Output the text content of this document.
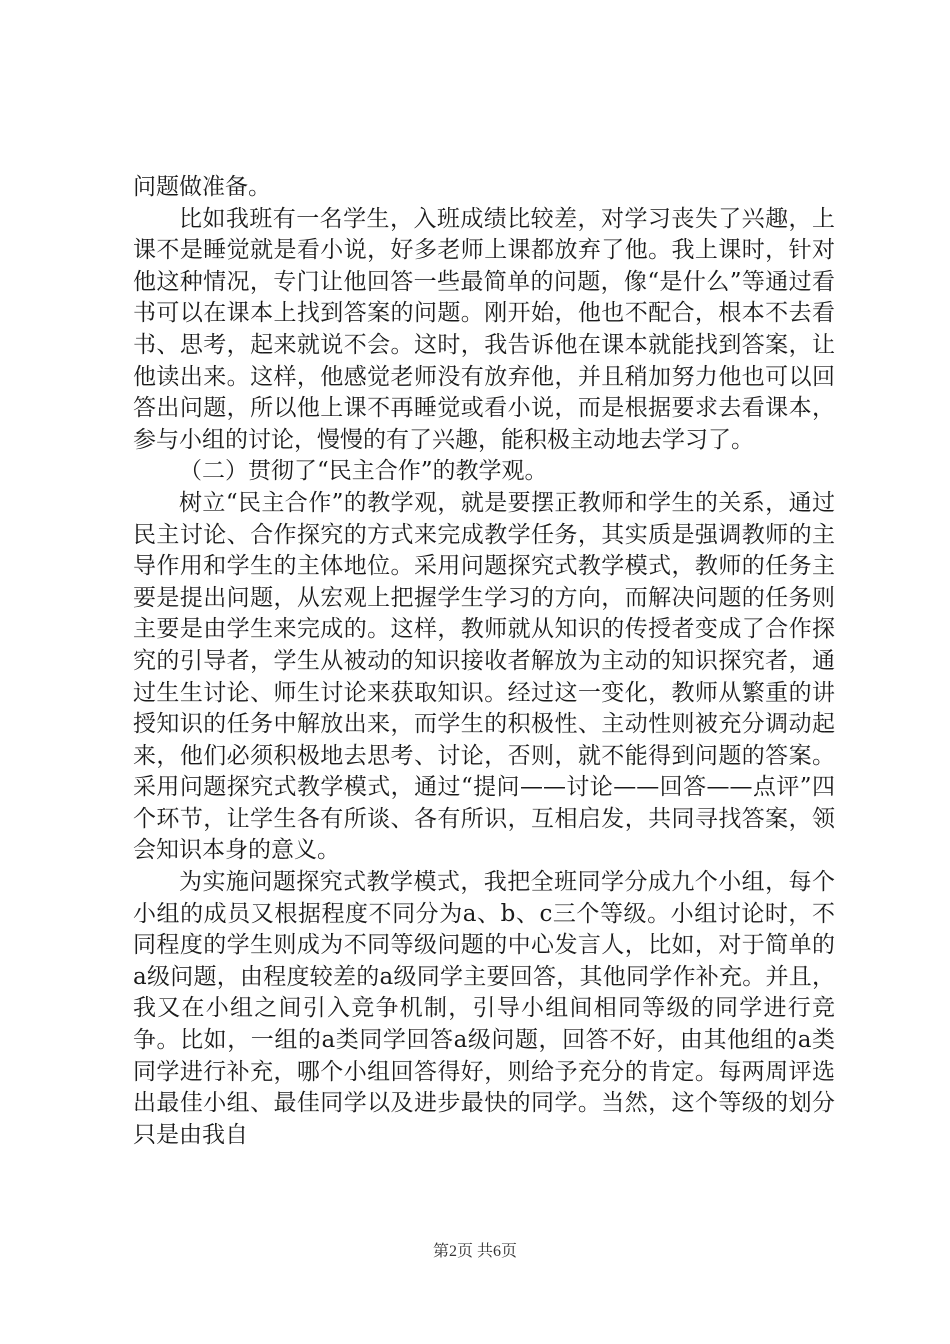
问题做准备。

比如我班有一名学生，入班成绩比较差，对学习丧失了兴趣，上课不是睡觉就是看小说，好多老师上课都放弃了他。我上课时，针对他这种情况，专门让他回答一些最简单的问题，像“是什么”等通过看书可以在课本上找到答案的问题。刚开始，他也不配合，根本不去看书、思考，起来就说不会。这时，我告诉他在课本就能找到答案，让他读出来。这样，他感觉老师没有放弃他，并且稍加努力他也可以回答出问题，所以他上课不再睡觉或看小说，而是根据要求去看课本，参与小组的讨论，慢慢的有了兴趣，能积极主动地去学习了。

（二）贯彻了“民主合作”的教学观。

树立“民主合作”的教学观，就是要摆正教师和学生的关系，通过民主讨论、合作探究的方式来完成教学任务，其实质是强调教师的主导作用和学生的主体地位。采用问题探究式教学模式，教师的任务主要是提出问题，从宏观上把握学生学习的方向，而解决问题的任务则主要是由学生来完成的。这样，教师就从知识的传授者变成了合作探究的引导者，学生从被动的知识接收者解放为主动的知识探究者，通过生生讨论、师生讨论来获取知识。经过这一变化，教师从繁重的讲授知识的任务中解放出来，而学生的积极性、主动性则被充分调动起来，他们必须积极地去思考、讨论，否则，就不能得到问题的答案。采用问题探究式教学模式，通过“提问——讨论——回答——点评”四个环节，让学生各有所谈、各有所识，互相启发，共同寻找答案，领会知识本身的意义。

为实施问题探究式教学模式，我把全班同学分成九个小组，每个小组的成员又根据程度不同分为a、b、c三个等级。小组讨论时，不同程度的学生则成为不同等级问题的中心发言人，比如，对于简单的a级问题，由程度较差的a级同学主要回答，其他同学作补充。并且，我又在小组之间引入竞争机制，引导小组间相同等级的同学进行竞争。比如，一组的a类同学回答a级问题，回答不好，由其他组的a类同学进行补充，哪个小组回答得好，则给予充分的肯定。每两周评选出最佳小组、最佳同学以及进步最快的同学。当然，这个等级的划分只是由我自

第2页 共6页
